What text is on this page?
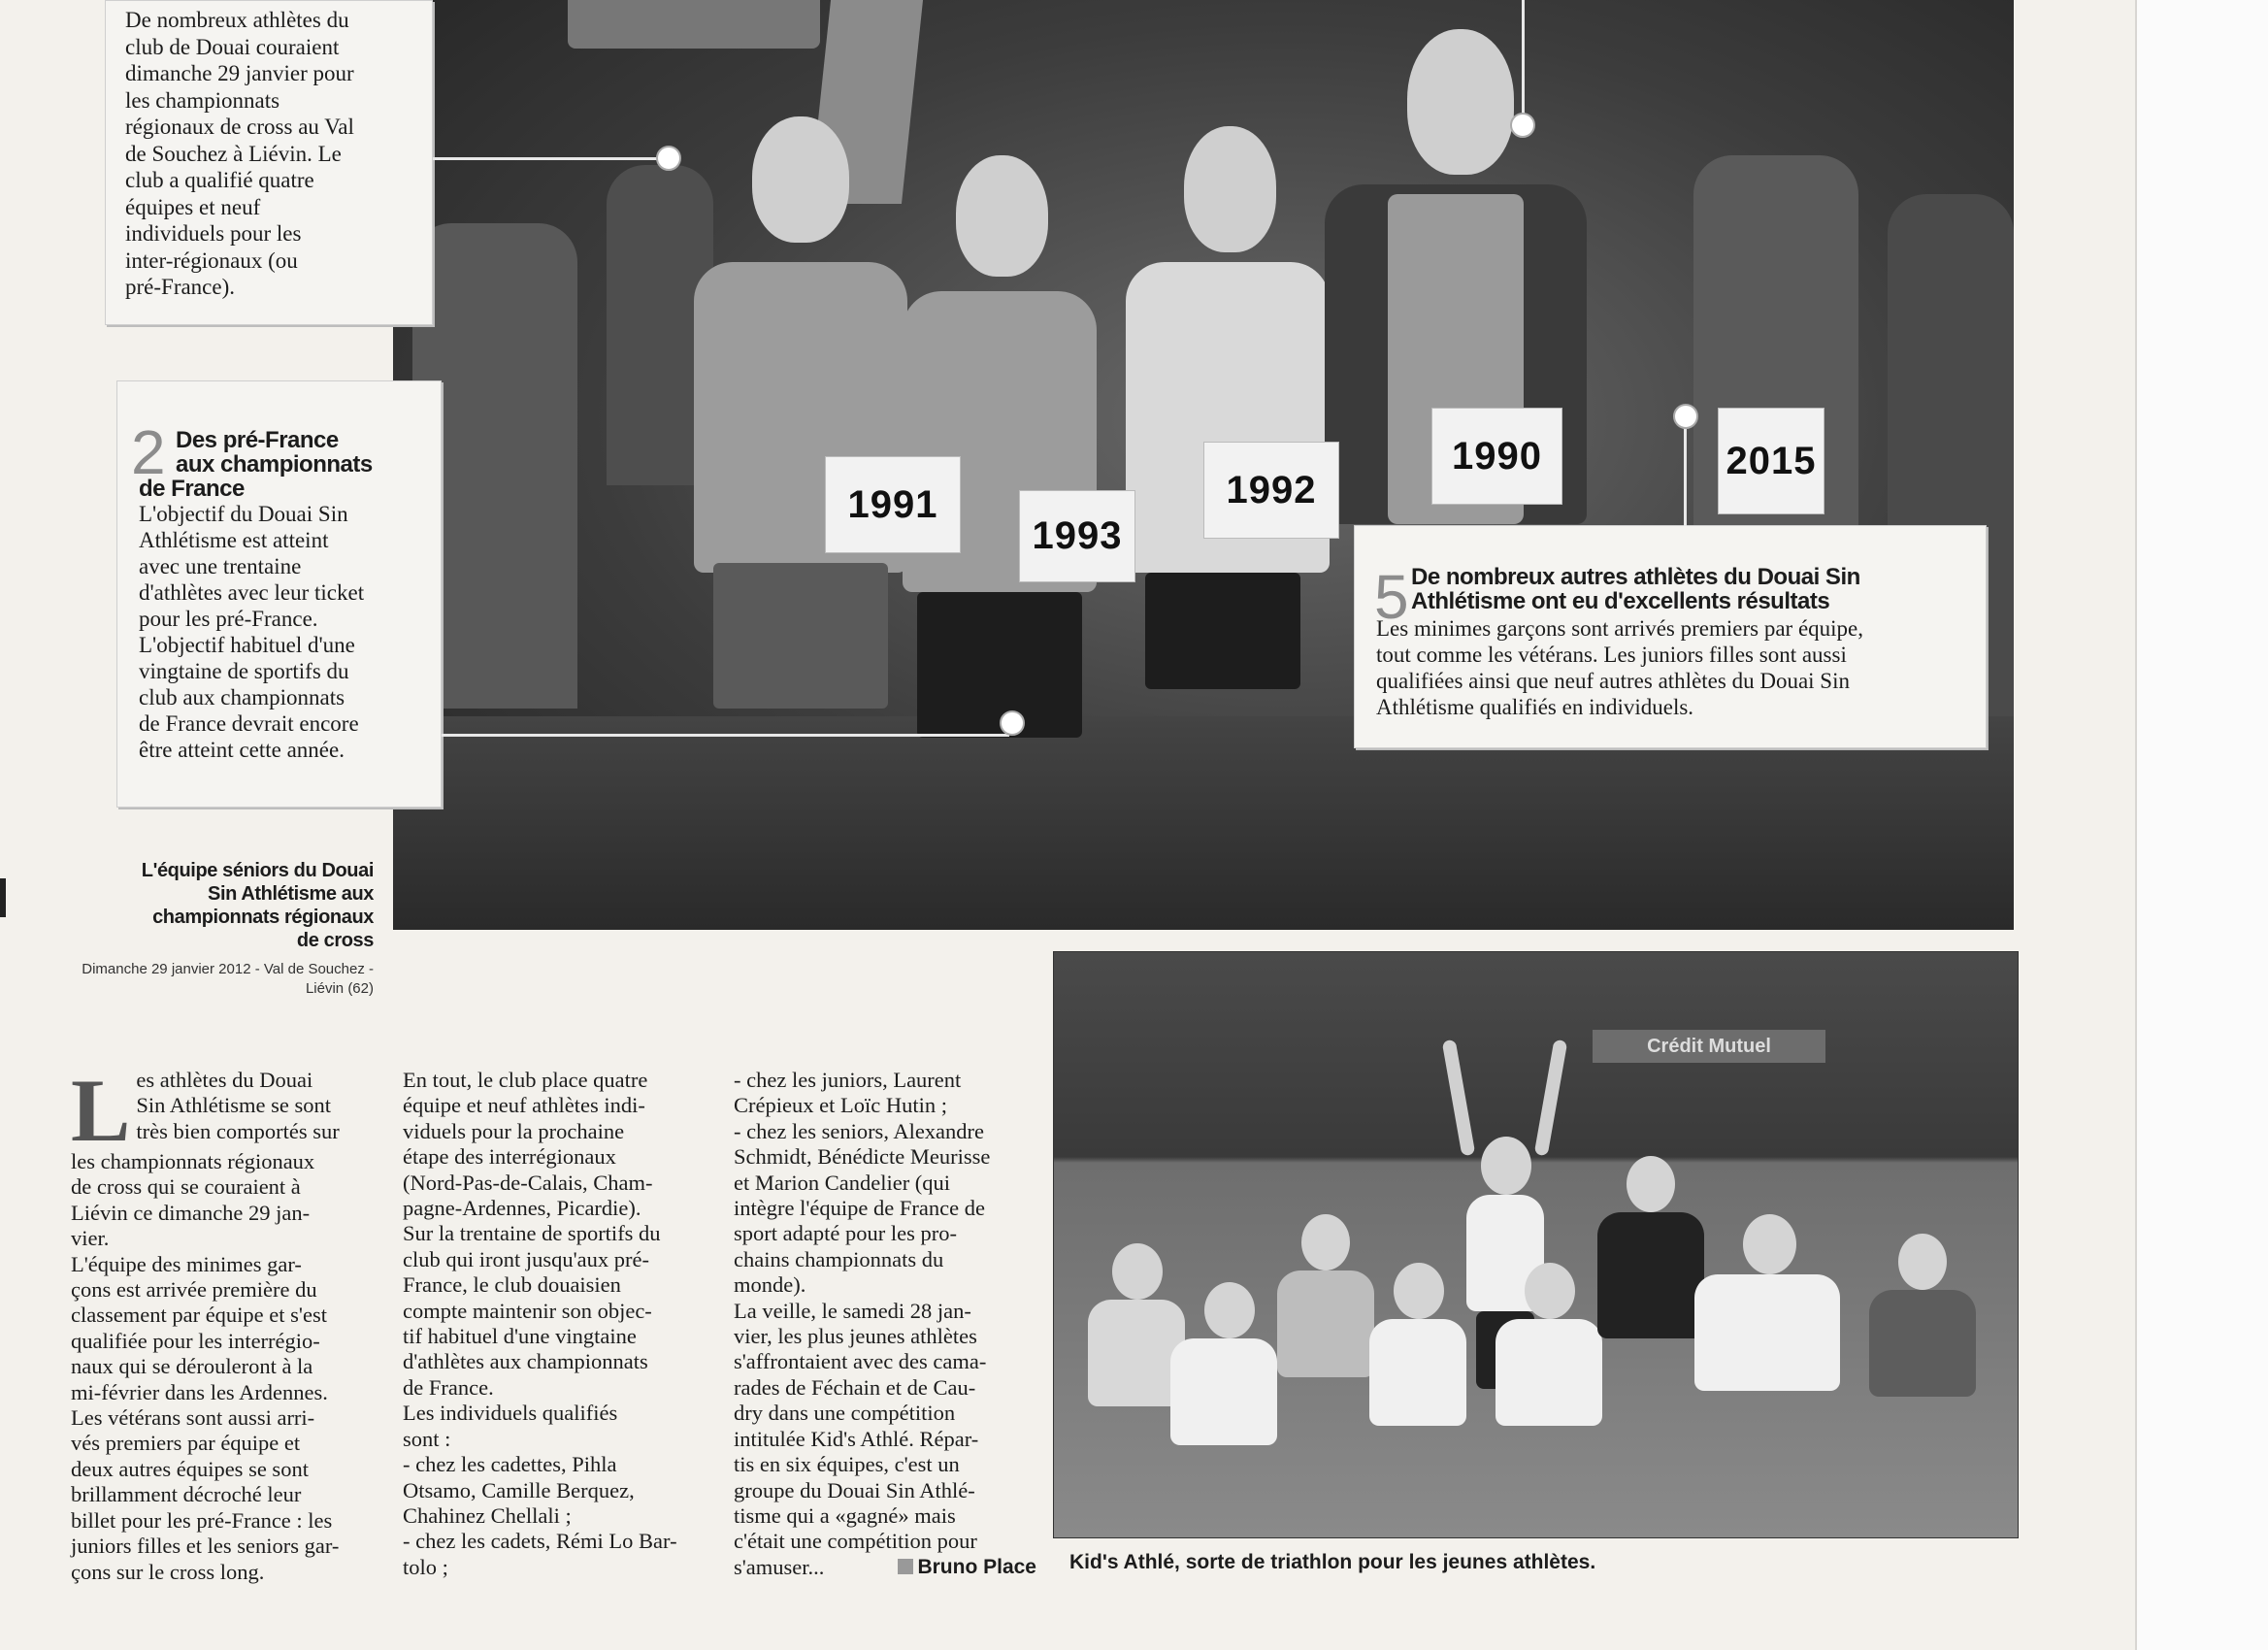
1991
1993
1992
1990	2015

De nombreux athlètes du
club de Douai couraient
dimanche 29 janvier pour
les championnats
régionaux de cross au Val
de Souchez à Liévin. Le
club a qualifié quatre
équipes et neuf
individuels pour les
inter-régionaux (ou
pré-France).

2 Des pré-France
aux championnats
de France

L'objectif du Douai Sin
Athlétisme est atteint
avec une trentaine
d'athlètes avec leur ticket
pour les pré-France.
L'objectif habituel d'une
vingtaine de sportifs du
club aux championnats
de France devrait encore
être atteint cette année.

5 De nombreux autres athlètes du Douai Sin
Athlétisme ont eu d'excellents résultats

Les minimes garçons sont arrivés premiers par équipe,
tout comme les vétérans. Les juniors filles sont aussi
qualifiées ainsi que neuf autres athlètes du Douai Sin
Athlétisme qualifiés en individuels.

L'équipe séniors du Douai
Sin Athlétisme aux
championnats régionaux
de cross
Dimanche 29 janvier 2012 - Val de Souchez -
Liévin (62)
L es athlètes du Douai
Sin Athlétisme se sont
très bien comportés sur
les championnats régionaux
de cross qui se couraient à
Liévin ce dimanche 29 jan-
vier.
L'équipe des minimes gar-
çons est arrivée première du
classement par équipe et s'est
qualifiée pour les interrégio-
naux qui se dérouleront à la
mi-février dans les Ardennes.
Les vétérans sont aussi arri-
vés premiers par équipe et
deux autres équipes se sont
brillamment décroché leur
billet pour les pré-France : les
juniors filles et les seniors gar-
çons sur le cross long.
En tout, le club place quatre
équipe et neuf athlètes indi-
viduels pour la prochaine
étape des interrégionaux
(Nord-Pas-de-Calais, Cham-
pagne-Ardennes, Picardie).
Sur la trentaine de sportifs du
club qui iront jusqu'aux pré-
France, le club douaisien
compte maintenir son objec-
tif habituel d'une vingtaine
d'athlètes aux championnats
de France.
Les individuels qualifiés
sont :
- chez les cadettes, Pihla
Otsamo, Camille Berquez,
Chahinez Chellali ;
- chez les cadets, Rémi Lo Bar-
tolo ;
- chez les juniors, Laurent
Crépieux et Loïc Hutin ;
- chez les seniors, Alexandre
Schmidt, Bénédicte Meurisse
et Marion Candelier (qui
intègre l'équipe de France de
sport adapté pour les pro-
chains championnats du
monde).
La veille, le samedi 28 jan-
vier, les plus jeunes athlètes
s'affrontaient avec des cama-
rades de Féchain et de Cau-
dry dans une compétition
intitulée Kid's Athlé. Répar-
tis en six équipes, c'est un
groupe du Douai Sin Athlé-
tisme qui a «gagné» mais
c'était une compétition pour
s'amuser...	Bruno Place
Crédit Mutuel
Kid's Athlé, sorte de triathlon pour les jeunes athlètes.
